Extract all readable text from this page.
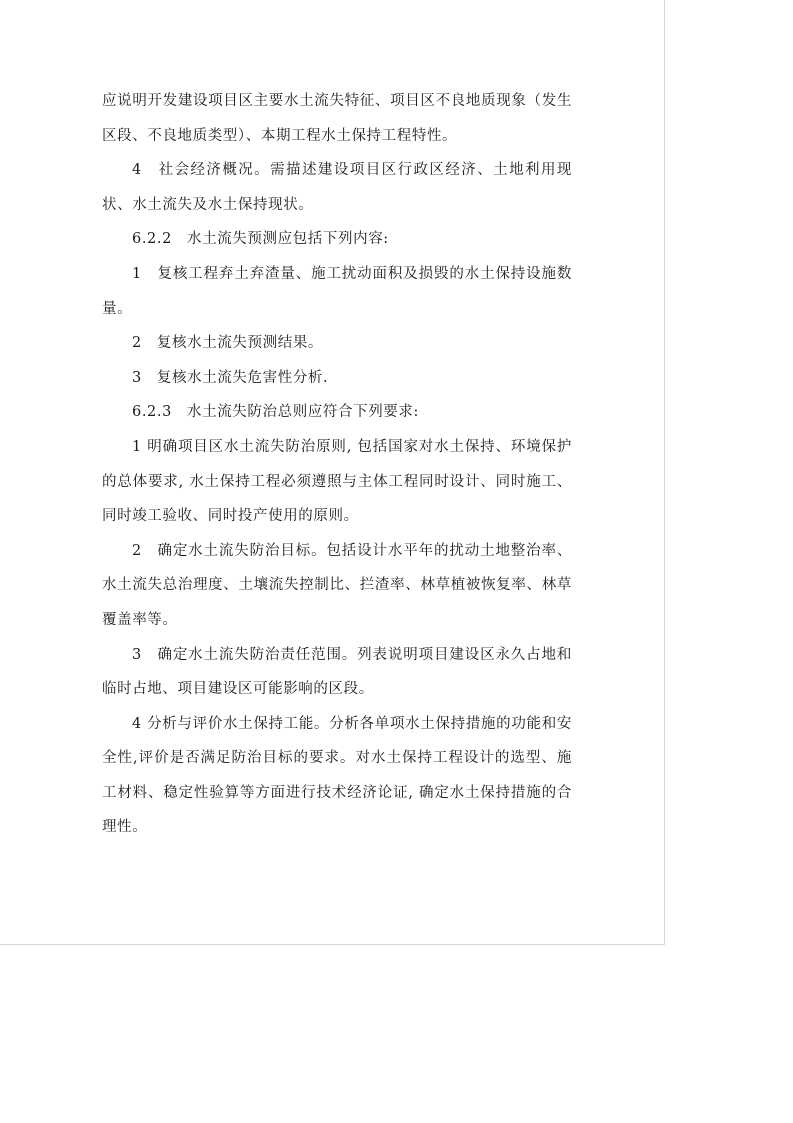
应说明开发建设项目区主要水土流失特征、项目区不良地质现象（发生区段、不良地质类型）、本期工程水土保持工程特性。

4　社会经济概况。需描述建设项目区行政区经济、土地利用现状、水土流失及水土保持现状。

6.2.2　水土流失预测应包括下列内容:

1　复核工程弃土弃渣量、施工扰动面积及损毁的水土保持设施数量。

2　复核水土流失预测结果。

3　复核水土流失危害性分析.

6.2.3　水土流失防治总则应符合下列要求:

1 明确项目区水土流失防治原则, 包括国家对水土保持、环境保护的总体要求, 水土保持工程必须遵照与主体工程同时设计、同时施工、同时竣工验收、同时投产使用的原则。

2　确定水土流失防治目标。包括设计水平年的扰动土地整治率、水土流失总治理度、土壤流失控制比、拦渣率、林草植被恢复率、林草覆盖率等。

3　确定水土流失防治责任范围。列表说明项目建设区永久占地和临时占地、项目建设区可能影响的区段。

4 分析与评价水土保持工能。分析各单项水土保持措施的功能和安全性,评价是否满足防治目标的要求。对水土保持工程设计的选型、施工材料、稳定性验算等方面进行技术经济论证, 确定水土保持措施的合理性。
